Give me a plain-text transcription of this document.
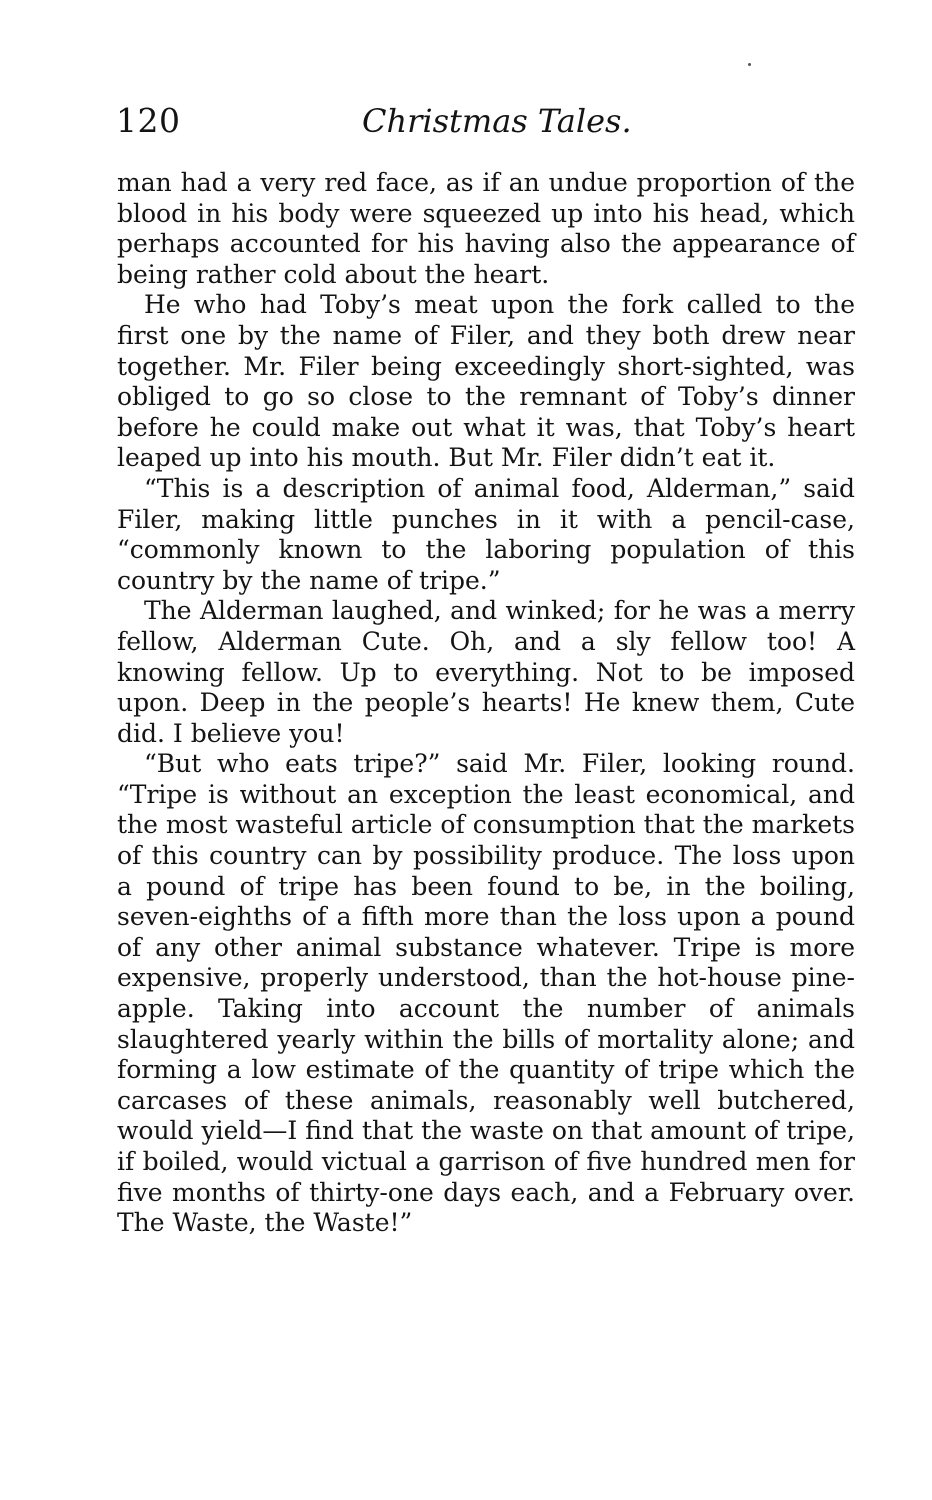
120	Christmas Tales.

man had a very red face, as if an undue proportion of the blood in his body were squeezed up into his head, which perhaps accounted for his having also the appearance of being rather cold about the heart.

He who had Toby’s meat upon the fork called to the first one by the name of Filer, and they both drew near together. Mr. Filer being exceedingly short-sighted, was obliged to go so close to the remnant of Toby’s dinner before he could make out what it was, that Toby’s heart leaped up into his mouth. But Mr. Filer didn’t eat it.

“This is a description of animal food, Alderman,” said Filer, making little punches in it with a pencil-case, “commonly known to the laboring population of this country by the name of tripe.”

The Alderman laughed, and winked; for he was a merry fellow, Alderman Cute. Oh, and a sly fellow too! A knowing fellow. Up to everything. Not to be imposed upon. Deep in the people’s hearts! He knew them, Cute did. I believe you!

“But who eats tripe?” said Mr. Filer, looking round. “Tripe is without an exception the least economical, and the most wasteful article of consumption that the markets of this country can by possibility produce. The loss upon a pound of tripe has been found to be, in the boiling, seven-eighths of a fifth more than the loss upon a pound of any other animal substance whatever. Tripe is more expensive, properly understood, than the hot-house pine-apple. Taking into account the number of animals slaughtered yearly within the bills of mortality alone; and forming a low estimate of the quantity of tripe which the carcases of these animals, reasonably well butchered, would yield—I find that the waste on that amount of tripe, if boiled, would victual a garrison of five hundred men for five months of thirty-one days each, and a February over. The Waste, the Waste!”
